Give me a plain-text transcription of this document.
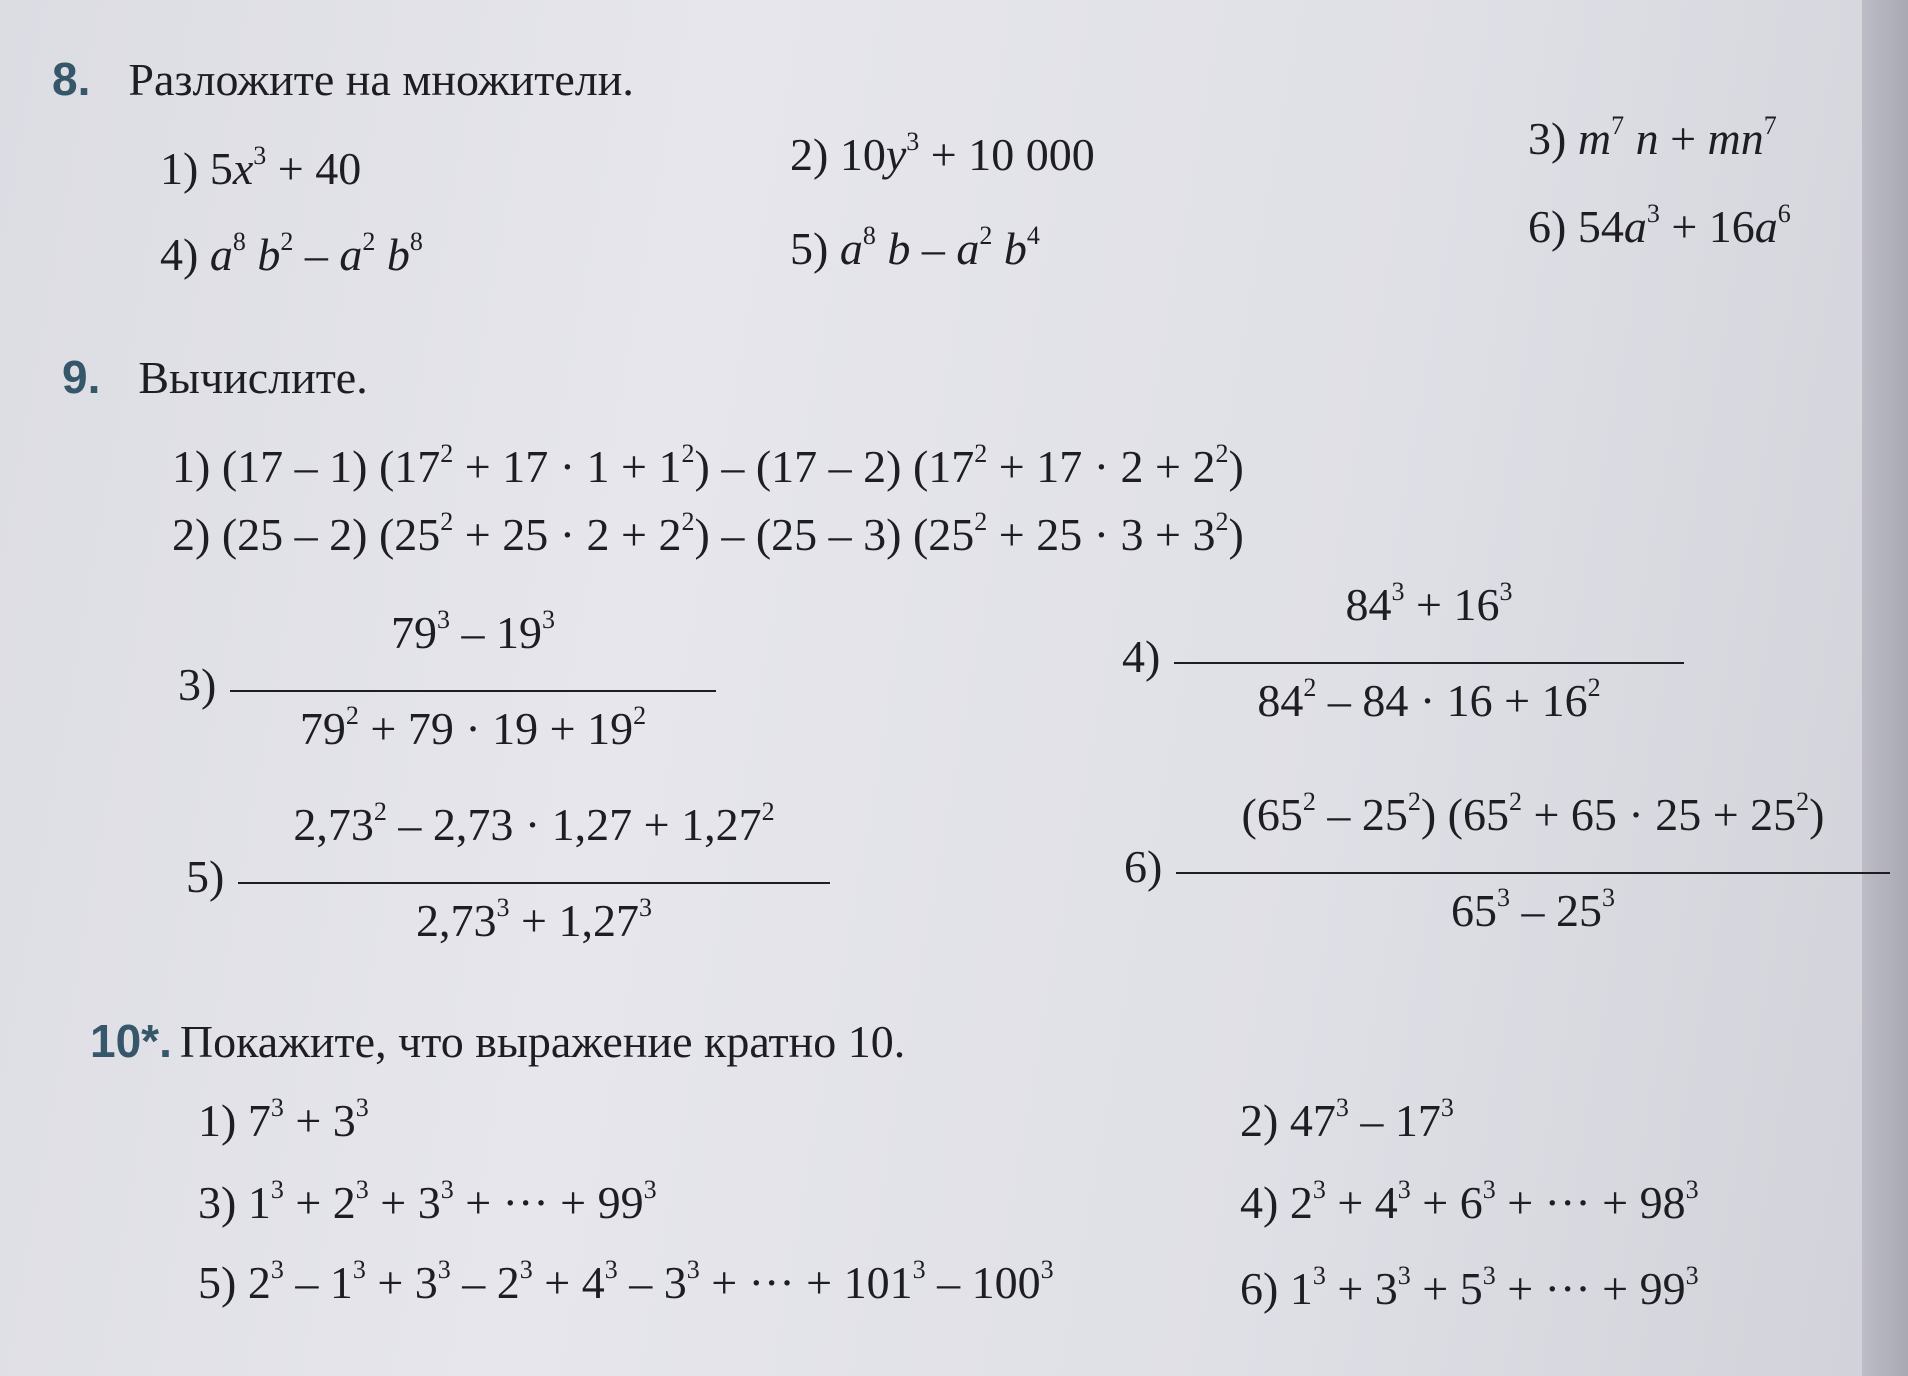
8. Разложите на множители.
1) $5x^3 + 40$	2) $10y^3 + 10$ 000	3) $m^7$ $n + mn^7$
4) $a^8$ $b^2 - a^2$ $b^8$	5) $a^8$ b – $a^2$ $b^4$	6) $54a^3 + 16a^6$
9. Вычислите.
1) (17 – 1) $(17^2 + 17 \cdot 1 + 1^2) - (17 - 2) (17^2 + 17 \cdot 2 + 2^2)$
2) (25 – 2) $(25^2 + 25 \cdot 2 + 2^2) - (25 - 3) (25^2 + 25 \cdot 3 + 3^2)$
3)
$79^3 - 19^3$
$79^2 + 79 \cdot 19 + 19^2$
4)
$84^3 + 16^3$
$84^2 - 84 \cdot 16 + 16^2$
5)
$2,73^2 - 2,73 \cdot 1,27 + 1,27^2$
$2,73^3 + 1,27^3$
6)
$(65^2 - 25^2) (65^2 + 65 \cdot 25 + 25^2)$
$65^3 - 25^3$
10*. Покажите, что выражение кратно 10.
1) $7^3 + 3^3$	2) $47^3 - 17^3$
3) $1^3 + 2^3 + 3^3$ + ··· + $99^3$	4) $2^3 + 4^3 + 6^3$ + ··· + $98^3$
5) $2^3 - 1^3 + 3^3 - 2^3 + 4^3 - 3^3$ + ··· + $101^3 - 100^3$	6) $1^3 + 3^3 + 5^3$ + ··· + $99^3$
